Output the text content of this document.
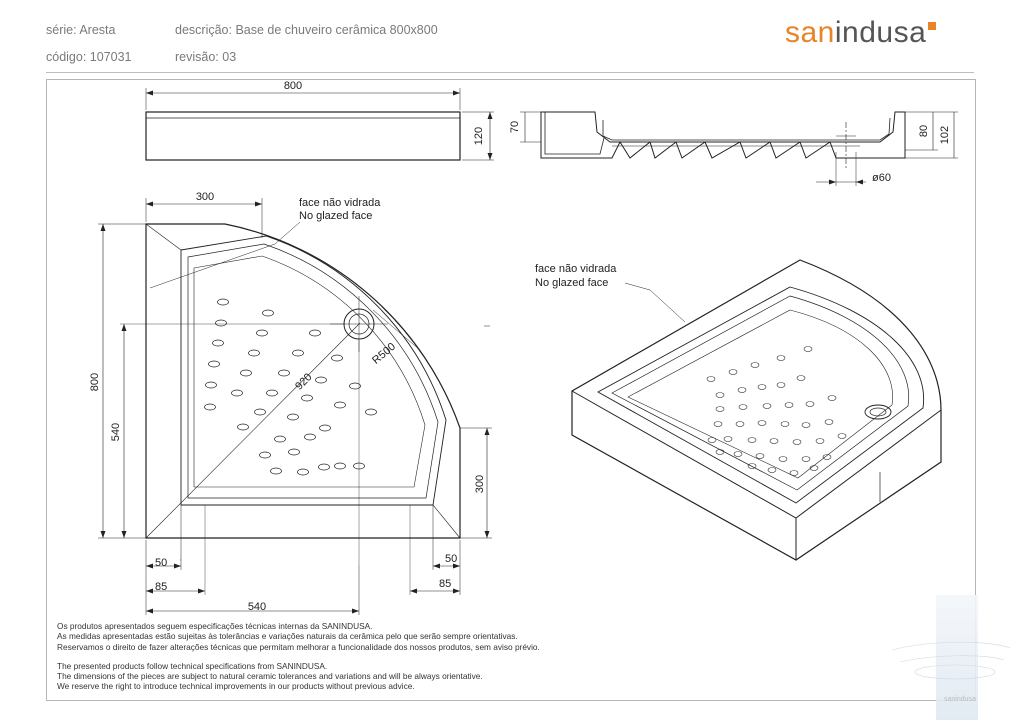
série: Aresta	descrição: Base de chuveiro cerâmica 800x800
código: 107031	revisão: 03
sanindusa
sanindusa
800
120 70	80 102
ø60
300	face não vidrada
No glazed face
800
540
300
920
R500
50
85
50
85
540
face não vidrada
No glazed face
Os produtos apresentados seguem especificações técnicas internas da SANINDUSA.
As medidas apresentadas estão sujeitas às tolerâncias e variações naturais da cerâmica pelo que serão sempre orientativas.
Reservamos o direito de fazer alterações técnicas que permitam melhorar a funcionalidade dos nossos produtos, sem aviso prévio.
The presented products follow technical specifications from SANINDUSA.
The dimensions of the pieces are subject to natural ceramic tolerances and variations and will be always orientative.
We reserve the right to introduce technical improvements in our products without previous advice.
